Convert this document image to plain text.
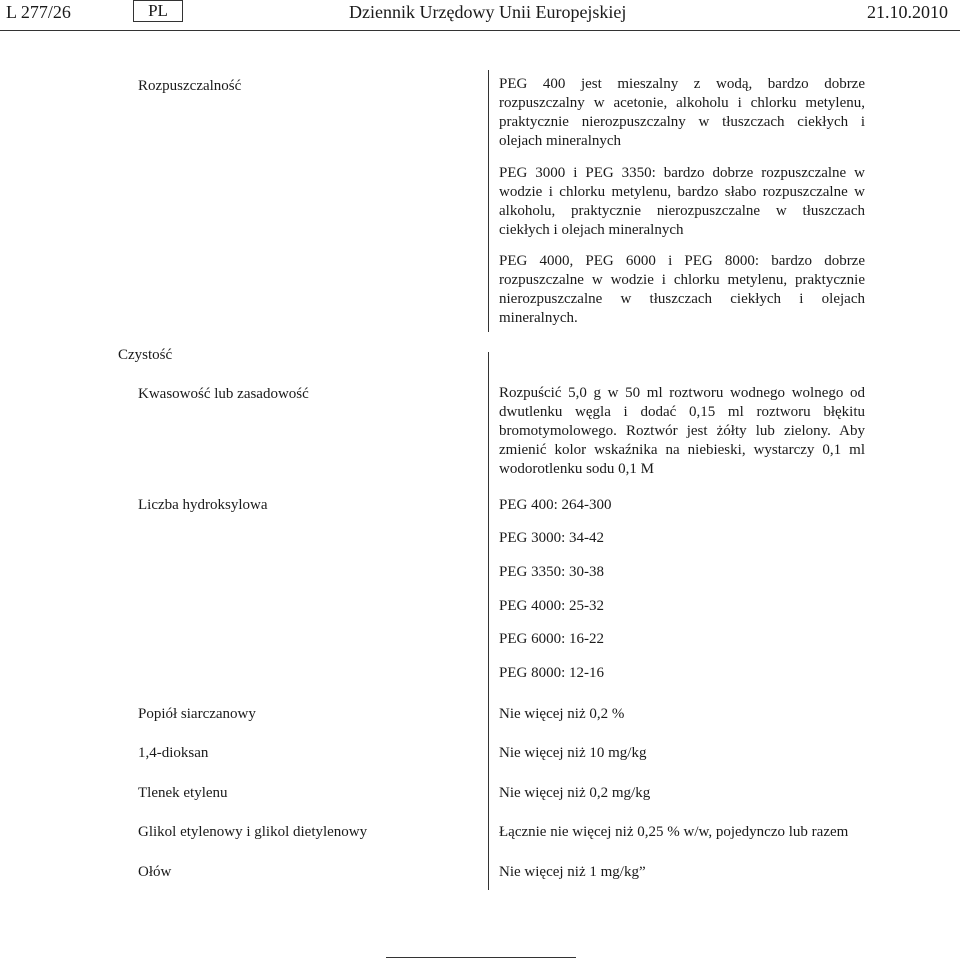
L 277/26	PL	Dziennik Urzędowy Unii Europejskiej	21.10.2010
Rozpuszczalność	PEG 400 jest mieszalny z wodą, bardzo dobrze rozpuszczalny w acetonie, alkoholu i chlorku metylenu, praktycznie nierozpuszczalny w tłuszczach ciekłych i olejach mineralnych
PEG 3000 i PEG 3350: bardzo dobrze rozpuszczalne w wodzie i chlorku metylenu, bardzo słabo rozpuszczalne w alkoholu, praktycznie nierozpuszczalne w tłuszczach ciekłych i olejach mineralnych
PEG 4000, PEG 6000 i PEG 8000: bardzo dobrze rozpuszczalne w wodzie i chlorku metylenu, praktycznie nierozpuszczalne w tłuszczach ciekłych i olejach mineralnych.
Czystość
Kwasowość lub zasadowość	Rozpuścić 5,0 g w 50 ml roztworu wodnego wolnego od dwutlenku węgla i dodać 0,15 ml roztworu błękitu bromotymolowego. Roztwór jest żółty lub zielony. Aby zmienić kolor wskaźnika na niebieski, wystarczy 0,1 ml wodorotlenku sodu 0,1 M
Liczba hydroksylowa	PEG 400: 264-300
PEG 3000: 34-42
PEG 3350: 30-38
PEG 4000: 25-32
PEG 6000: 16-22
PEG 8000: 12-16
Popiół siarczanowy	Nie więcej niż 0,2 %
1,4-dioksan	Nie więcej niż 10 mg/kg
Tlenek etylenu	Nie więcej niż 0,2 mg/kg
Glikol etylenowy i glikol dietylenowy	Łącznie nie więcej niż 0,25 % w/w, pojedynczo lub razem
Ołów	Nie więcej niż 1 mg/kg”
